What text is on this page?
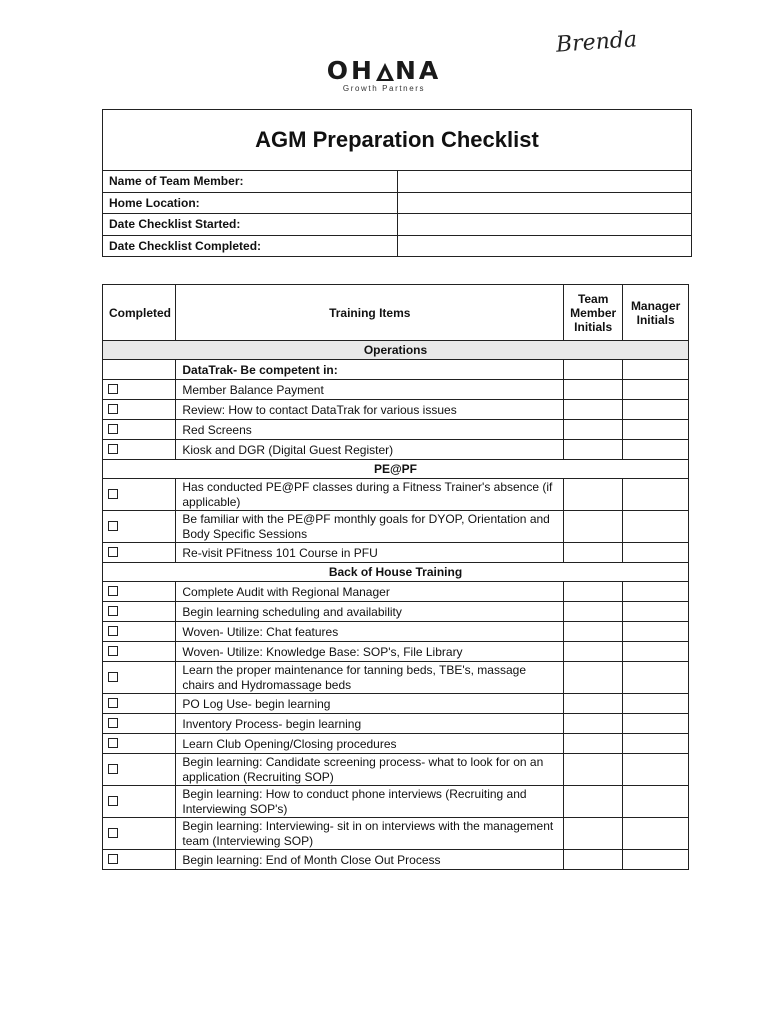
Brenda
OH NA
Growth Partners
AGM Preparation Checklist
Name of Team Member:
Home Location:
Date Checklist Started:
Date Checklist Completed:
Completed	Training Items	Team Member Initials	Manager Initials
Operations			
	DataTrak- Be competent in:		
	Member Balance Payment		
	Review: How to contact DataTrak for various issues		
	Red Screens		
	Kiosk and DGR (Digital Guest Register)		
PE@PF			
	Has conducted PE@PF classes during a Fitness Trainer's absence (if applicable)		
	Be familiar with the PE@PF monthly goals for DYOP, Orientation and Body Specific Sessions		
	Re-visit PFitness 101 Course in PFU		
Back of House Training			
	Complete Audit with Regional Manager		
	Begin learning scheduling and availability		
	Woven- Utilize: Chat features		
	Woven- Utilize: Knowledge Base: SOP's, File Library		
	Learn the proper maintenance for tanning beds, TBE's, massage chairs and Hydromassage beds		
	PO Log Use- begin learning		
	Inventory Process- begin learning		
	Learn Club Opening/Closing procedures		
	Begin learning: Candidate screening process- what to look for on an application (Recruiting SOP)		
	Begin learning: How to conduct phone interviews (Recruiting and Interviewing SOP's)		
	Begin learning: Interviewing- sit in on interviews with the management team (Interviewing SOP)		
	Begin learning: End of Month Close Out Process		
